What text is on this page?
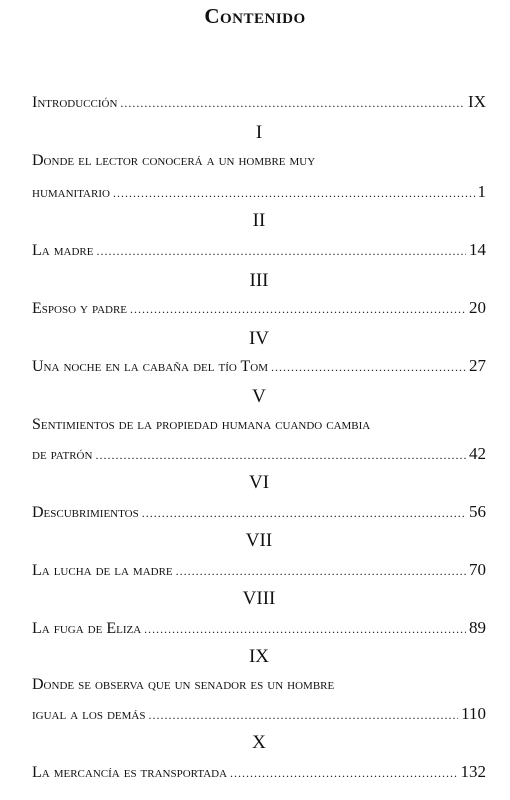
Contenido
Introducción . . .	IX
I
Donde el lector conocerá a un hombre muy
humanitario . . .	1
II
La madre . . .	14
III
Esposo y padre . . .	20
IV
Una noche en la cabaña del tío Tom . . .	27
V
Sentimientos de la propiedad humana cuando cambia
de patrón . . .	42
VI
Descubrimientos . . .	56
VII
La lucha de la madre . . .	70
VIII
La fuga de Eliza . . .	89
IX
Donde se observa que un senador es un hombre
igual a los demás . . .	110
X
La mercancía es transportada . . .	132
